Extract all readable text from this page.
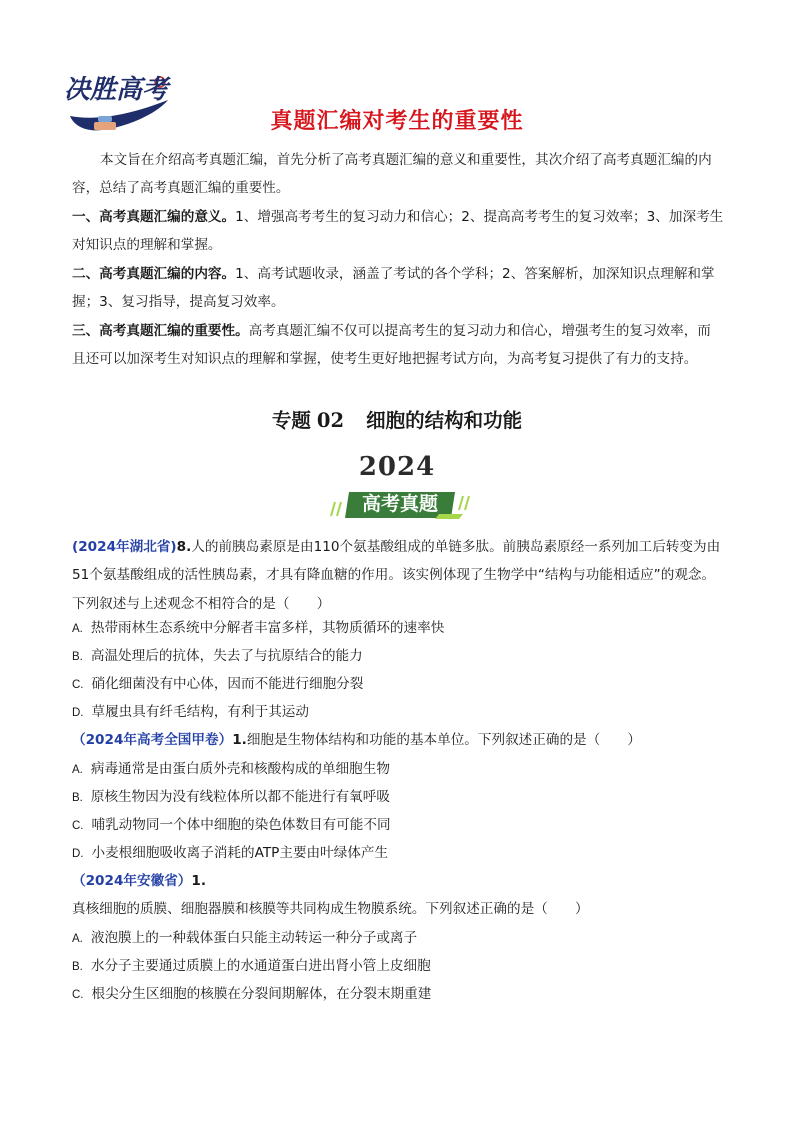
决胜高考
真题汇编对考生的重要性
本文旨在介绍高考真题汇编，首先分析了高考真题汇编的意义和重要性，其次介绍了高考真题汇编的内容，总结了高考真题汇编的重要性。
一、高考真题汇编的意义。1、增强高考考生的复习动力和信心；2、提高高考考生的复习效率；3、加深考生对知识点的理解和掌握。
二、高考真题汇编的内容。1、高考试题收录，涵盖了考试的各个学科；2、答案解析，加深知识点理解和掌握；3、复习指导，提高复习效率。
三、高考真题汇编的重要性。高考真题汇编不仅可以提高考生的复习动力和信心，增强考生的复习效率，而且还可以加深考生对知识点的理解和掌握，使考生更好地把握考试方向，为高考复习提供了有力的支持。
专题 02 细胞的结构和功能
2024
高考真题
(2024年湖北省)8.人的前胰岛素原是由110个氨基酸组成的单链多肽。前胰岛素原经一系列加工后转变为由51个氨基酸组成的活性胰岛素，才具有降血糖的作用。该实例体现了生物学中“结构与功能相适应”的观念。下列叙述与上述观念不相符合的是（　　）
A. 热带雨林生态系统中分解者丰富多样，其物质循环的速率快
B. 高温处理后的抗体，失去了与抗原结合的能力
C. 硝化细菌没有中心体，因而不能进行细胞分裂
D. 草履虫具有纤毛结构，有利于其运动
（2024年高考全国甲卷）1.细胞是生物体结构和功能的基本单位。下列叙述正确的是（　　）
A. 病毒通常是由蛋白质外壳和核酸构成的单细胞生物
B. 原核生物因为没有线粒体所以都不能进行有氧呼吸
C. 哺乳动物同一个体中细胞的染色体数目有可能不同
D. 小麦根细胞吸收离子消耗的ATP主要由叶绿体产生
（2024年安徽省）1.真核细胞的质膜、细胞器膜和核膜等共同构成生物膜系统。下列叙述正确的是（　　）
A. 液泡膜上的一种载体蛋白只能主动转运一种分子或离子
B. 水分子主要通过质膜上的水通道蛋白进出肾小管上皮细胞
C. 根尖分生区细胞的核膜在分裂间期解体，在分裂末期重建
